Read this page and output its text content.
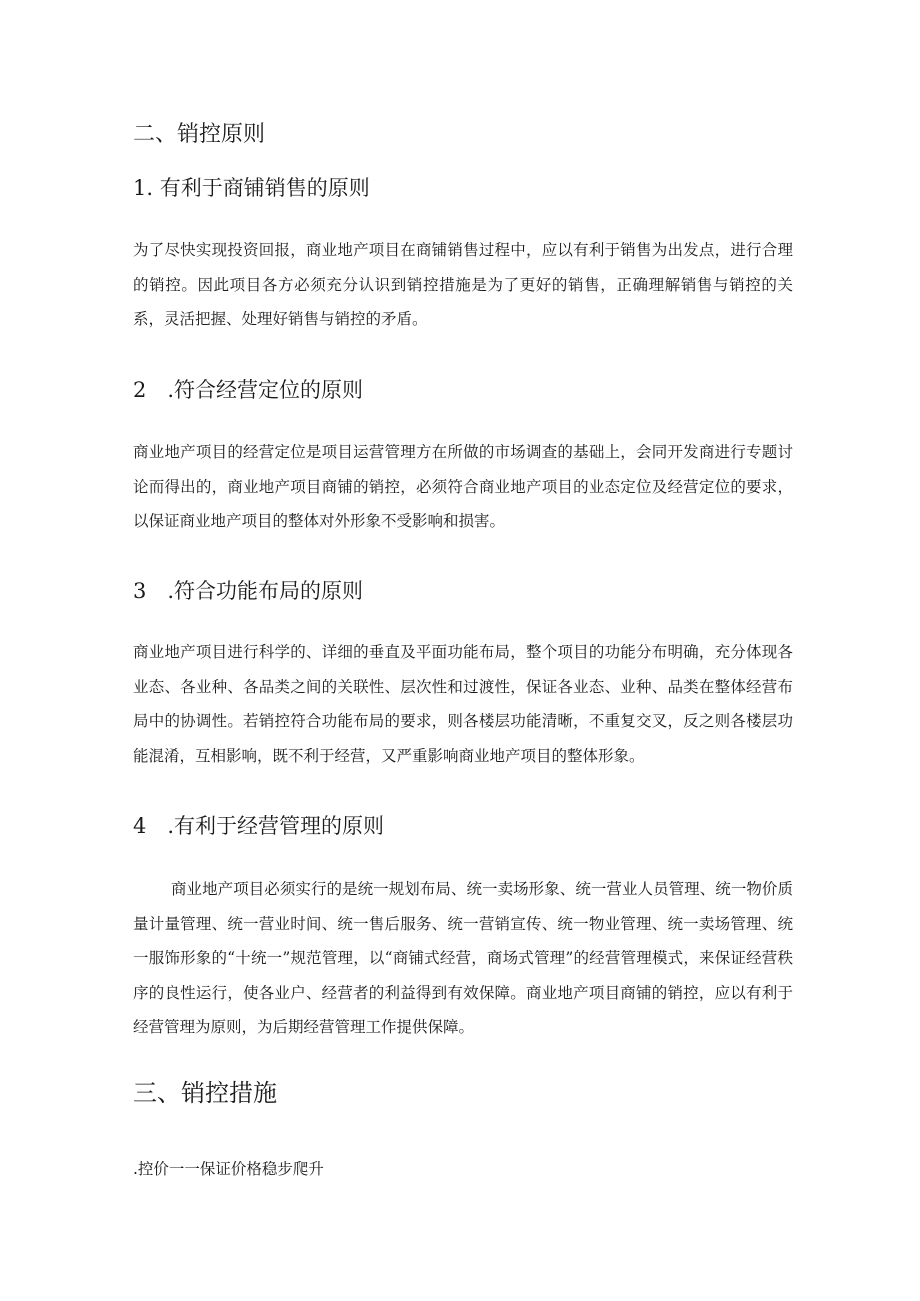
二、销控原则
1. 有利于商铺销售的原则

为了尽快实现投资回报，商业地产项目在商铺销售过程中，应以有利于销售为出发点，进行合理的销控。因此项目各方必须充分认识到销控措施是为了更好的销售，正确理解销售与销控的关系，灵活把握、处理好销售与销控的矛盾。

2　.符合经营定位的原则

商业地产项目的经营定位是项目运营管理方在所做的市场调查的基础上，会同开发商进行专题讨论而得出的，商业地产项目商铺的销控，必须符合商业地产项目的业态定位及经营定位的要求，以保证商业地产项目的整体对外形象不受影响和损害。

3　.符合功能布局的原则

商业地产项目进行科学的、详细的垂直及平面功能布局，整个项目的功能分布明确，充分体现各业态、各业种、各品类之间的关联性、层次性和过渡性，保证各业态、业种、品类在整体经营布局中的协调性。若销控符合功能布局的要求，则各楼层功能清晰，不重复交叉，反之则各楼层功能混淆，互相影响，既不利于经营，又严重影响商业地产项目的整体形象。

4　.有利于经营管理的原则

商业地产项目必须实行的是统一规划布局、统一卖场形象、统一营业人员管理、统一物价质量计量管理、统一营业时间、统一售后服务、统一营销宣传、统一物业管理、统一卖场管理、统一服饰形象的“十统一”规范管理，以“商铺式经营，商场式管理”的经营管理模式，来保证经营秩序的良性运行，使各业户、经营者的利益得到有效保障。商业地产项目商铺的销控，应以有利于经营管理为原则，为后期经营管理工作提供保障。

三、销控措施

.控价一一保证价格稳步爬升
